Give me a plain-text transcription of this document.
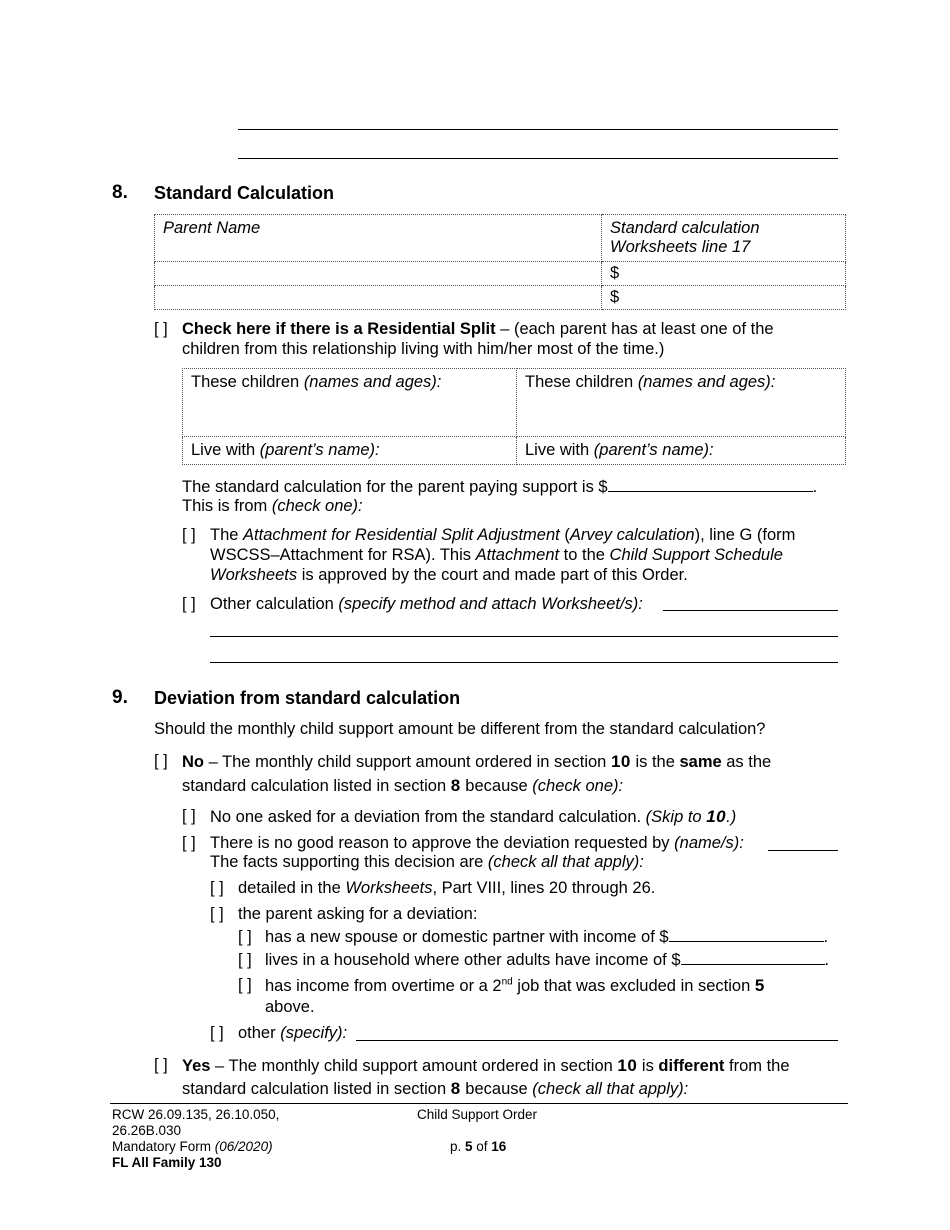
8. Standard Calculation
Parent Name	Standard calculation
Worksheets line 17
	$
	$
[ ] Check here if there is a Residential Split – (each parent has at least one of the
children from this relationship living with him/her most of the time.)
These children (names and ages):	These children (names and ages):
Live with (parent’s name):	Live with (parent’s name):
The standard calculation for the parent paying support is $	.
This is from (check one):
[ ] The Attachment for Residential Split Adjustment (Arvey calculation), line G (form
WSCSS–Attachment for RSA). This Attachment to the Child Support Schedule
Worksheets is approved by the court and made part of this Order.
[ ] Other calculation (specify method and attach Worksheet/s):
9. Deviation from standard calculation
Should the monthly child support amount be different from the standard calculation?
[ ] No – The monthly child support amount ordered in section 10 is the same as the
standard calculation listed in section 8 because (check one):
[ ] No one asked for a deviation from the standard calculation. (Skip to 10.)
[ ] There is no good reason to approve the deviation requested by (name/s):
The facts supporting this decision are (check all that apply):
[ ] detailed in the Worksheets, Part VIII, lines 20 through 26.
[ ] the parent asking for a deviation:
[ ] has a new spouse or domestic partner with income of $	.
[ ] lives in a household where other adults have income of $	.
[ ] has income from overtime or a 2nd job that was excluded in section 5
above.
[ ] other (specify):
[ ] Yes – The monthly child support amount ordered in section 10 is different from the
standard calculation listed in section 8 because (check all that apply):
RCW 26.09.135, 26.10.050,
26.26B.030
Mandatory Form (06/2020)
FL All Family 130
Child Support Order
p. 5 of 16
